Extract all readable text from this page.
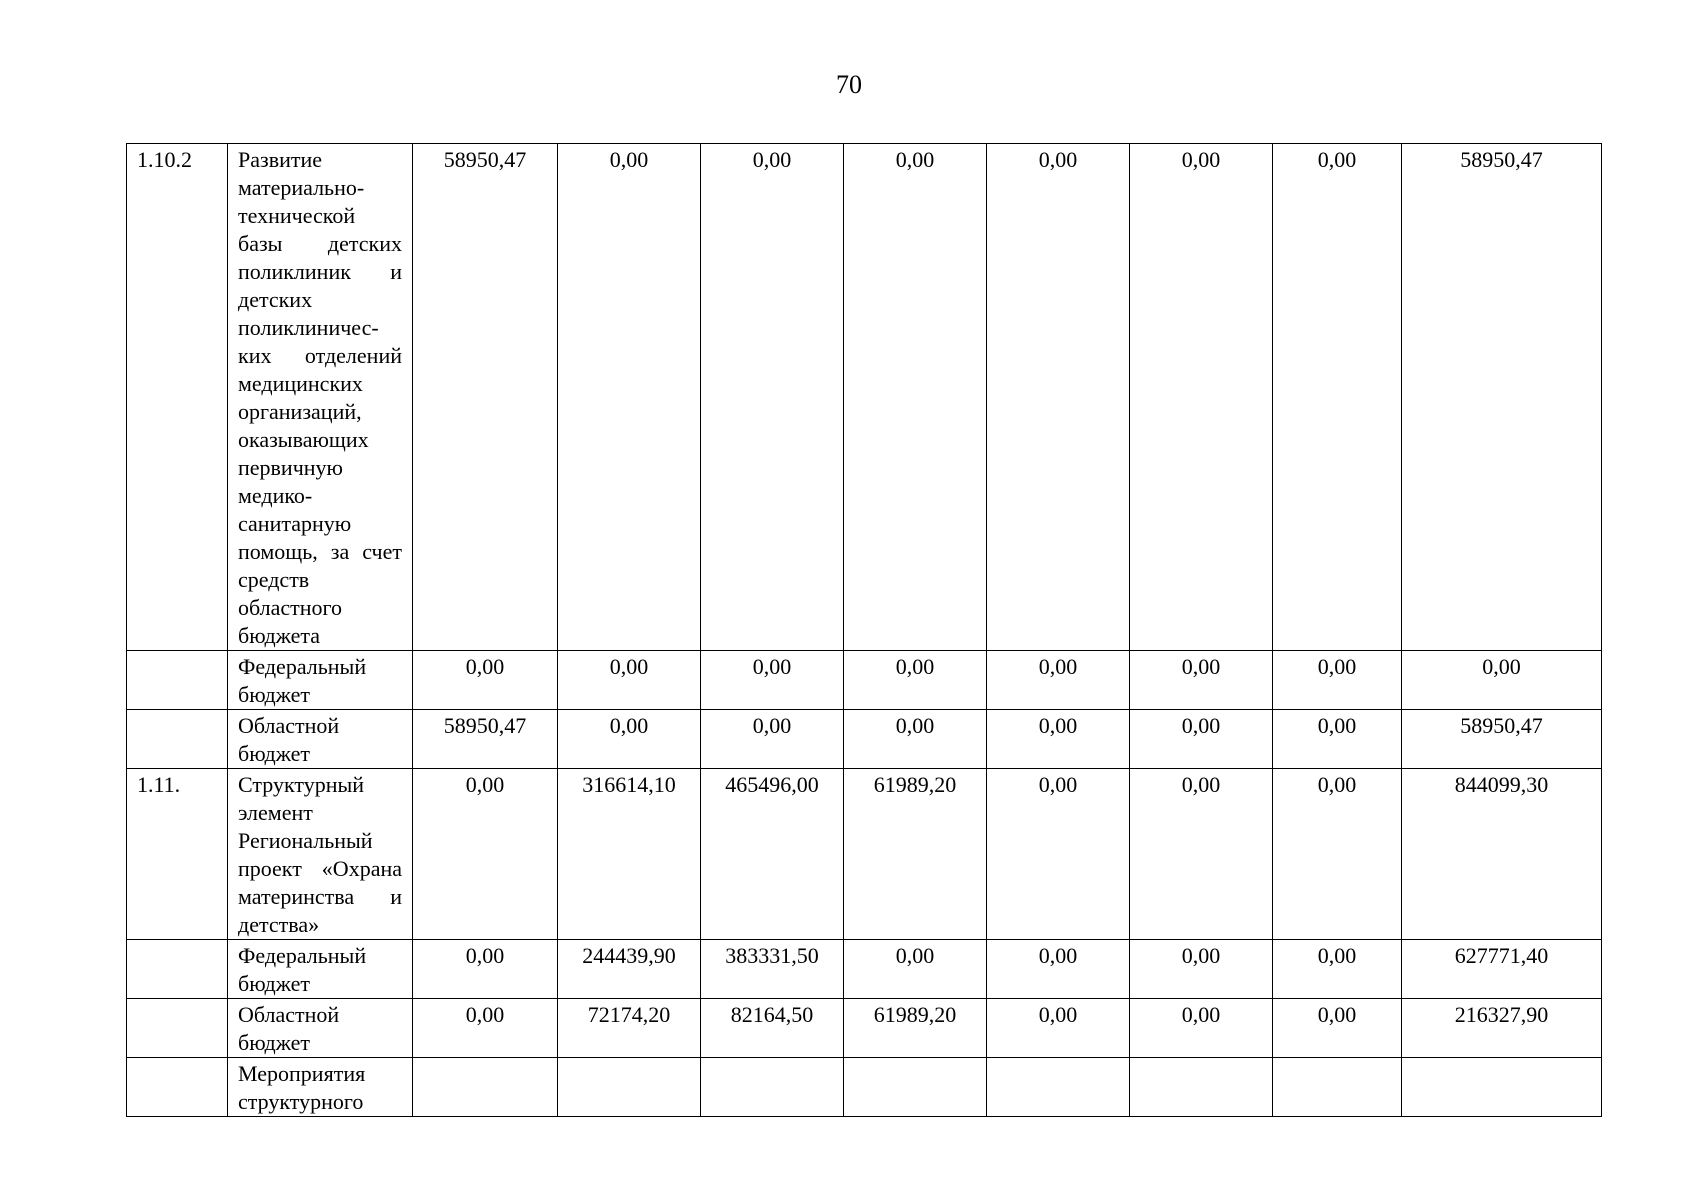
70
1.10.2	Развитие материально-технической базы детских поликлиник и детских поликлиничес-ких отделений медицинских организаций, оказывающих первичную медико-санитарную помощь, за счет средств областного бюджета	58950,47	0,00	0,00	0,00	0,00	0,00	0,00	58950,47
	Федеральный бюджет	0,00	0,00	0,00	0,00	0,00	0,00	0,00	0,00
	Областной бюджет	58950,47	0,00	0,00	0,00	0,00	0,00	0,00	58950,47
1.11.	Структурный элемент Региональный проект «Охрана материнства и детства»	0,00	316614,10	465496,00	61989,20	0,00	0,00	0,00	844099,30
	Федеральный бюджет	0,00	244439,90	383331,50	0,00	0,00	0,00	0,00	627771,40
	Областной бюджет	0,00	72174,20	82164,50	61989,20	0,00	0,00	0,00	216327,90
	Мероприятия структурного								
